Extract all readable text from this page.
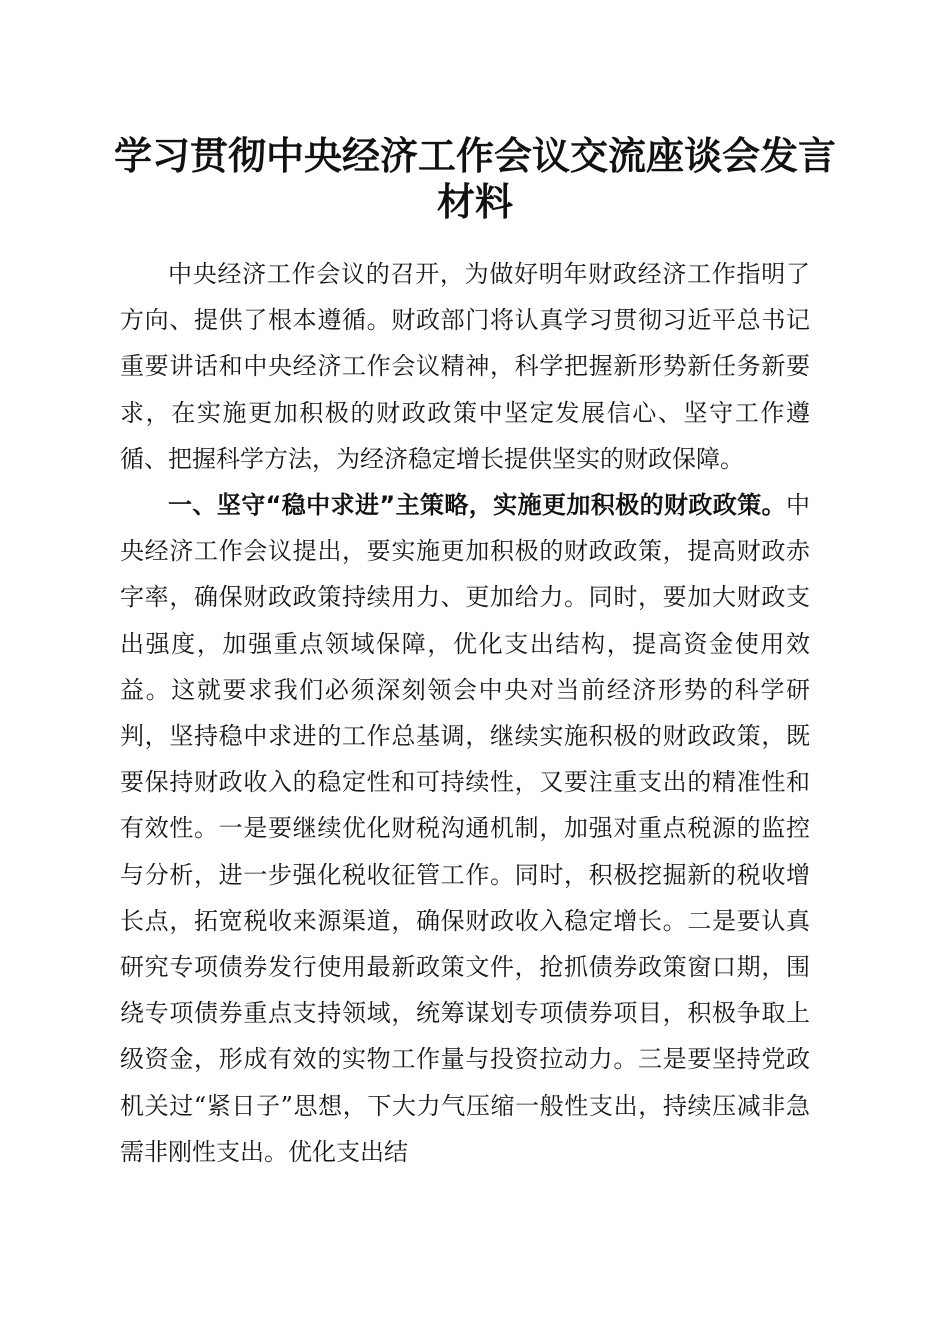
学习贯彻中央经济工作会议交流座谈会发言材料

中央经济工作会议的召开，为做好明年财政经济工作指明了方向、提供了根本遵循。财政部门将认真学习贯彻习近平总书记重要讲话和中央经济工作会议精神，科学把握新形势新任务新要求，在实施更加积极的财政政策中坚定发展信心、坚守工作遵循、把握科学方法，为经济稳定增长提供坚实的财政保障。

一、坚守“稳中求进”主策略，实施更加积极的财政政策。中央经济工作会议提出，要实施更加积极的财政政策，提高财政赤字率，确保财政政策持续用力、更加给力。同时，要加大财政支出强度，加强重点领域保障，优化支出结构，提高资金使用效益。这就要求我们必须深刻领会中央对当前经济形势的科学研判，坚持稳中求进的工作总基调，继续实施积极的财政政策，既要保持财政收入的稳定性和可持续性，又要注重支出的精准性和有效性。一是要继续优化财税沟通机制，加强对重点税源的监控与分析，进一步强化税收征管工作。同时，积极挖掘新的税收增长点，拓宽税收来源渠道，确保财政收入稳定增长。二是要认真研究专项债券发行使用最新政策文件，抢抓债券政策窗口期，围绕专项债券重点支持领域，统筹谋划专项债券项目，积极争取上级资金，形成有效的实物工作量与投资拉动力。三是要坚持党政机关过“紧日子”思想，下大力气压缩一般性支出，持续压减非急需非刚性支出。优化支出结
